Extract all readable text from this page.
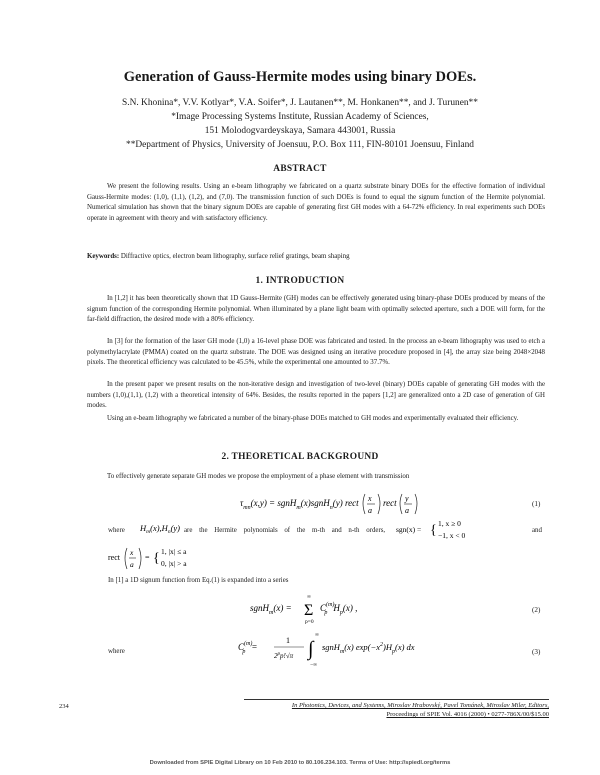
Generation of Gauss-Hermite modes using binary DOEs.
S.N. Khonina*, V.V. Kotlyar*, V.A. Soifer*, J. Lautanen**, M. Honkanen**, and J. Turunen**
*Image Processing Systems Institute, Russian Academy of Sciences,
151 Molodogvardeyskaya, Samara 443001, Russia
**Department of Physics, University of Joensuu, P.O. Box 111, FIN-80101 Joensuu, Finland
ABSTRACT
We present the following results. Using an e-beam lithography we fabricated on a quartz substrate binary DOEs for the effective formation of individual Gauss-Hermite modes: (1,0), (1,1), (1,2), and (7,0). The transmission function of such DOEs is found to equal the signum function of the Hermite polynomial. Numerical simulation has shown that the binary signum DOEs are capable of generating first GH modes with a 64-72% efficiency. In real experiments such DOEs operate in agreement with theory and with satisfactory efficiency.
Keywords: Diffractive optics, electron beam lithography, surface relief gratings, beam shaping
1. INTRODUCTION
In [1,2] it has been theoretically shown that 1D Gauss-Hermite (GH) modes can be effectively generated using binary-phase DOEs produced by means of the signum function of the corresponding Hermite polynomial. When illuminated by a plane light beam with optimally selected aperture, such a DOE will form, for the far-field diffraction, the desired mode with a 80% efficiency.
In [3] for the formation of the laser GH mode (1,0) a 16-level phase DOE was fabricated and tested. In the process an e-beam lithography was used to etch a polymethylacrylate (PMMA) coated on the quartz substrate. The DOE was designed using an iterative procedure proposed in [4], the array size being 2048×2048 pixels. The theoretical efficiency was calculated to be 45.5%, while the experimental one amounted to 37.7%.
In the present paper we present results on the non-iterative design and investigation of two-level (binary) DOEs capable of generating GH modes with the numbers (1,0),(1,1), (1,2) with a theoretical intensity of 64%. Besides, the results reported in the papers [1,2] are generalized onto a 2D case of generation of GH modes.
Using an e-beam lithography we fabricated a number of the binary-phase DOEs matched to GH modes and experimentally evaluated their efficiency.
2. THEORETICAL BACKGROUND
To effectively generate separate GH modes we propose the employment of a phase element with transmission
$\tau_{mn}(x,y)$ = sgnH$_m$(x)sgnH$_n$(y) rect x
a
rect y
a
(1)
where $H_m(x),H_n(y)$ are the Hermite polynomials of the m-th and n-th orders,	sgn(x) = { 1, x ≥ 0
−1, x < 0
and
rect
x
a
= { 1, |x| ≤ a
0, |x| > a
In [1] a 1D signum function from Eq.(1) is expanded into a series
sgnH$_m$(x) = Σ
∞
p=0
$C^{(m)}$ p $H_p(x)$ ,	(2)
where	$C^{(m)}$ p =
1
2$^p$p!√π ∫
∞
−∞
sgnH$_m$(x) $\exp(-x^2)H_p(x)$ dx	(3)
234	In Photonics, Devices, and Systems, Miroslav Hrabovský, Pavel Tománek, Miroslav Miler, Editors,
Proceedings of SPIE Vol. 4016 (2000) • 0277-786X/00/$15.00
Downloaded from SPIE Digital Library on 10 Feb 2010 to 80.106.234.103. Terms of Use: http://spiedl.org/terms
